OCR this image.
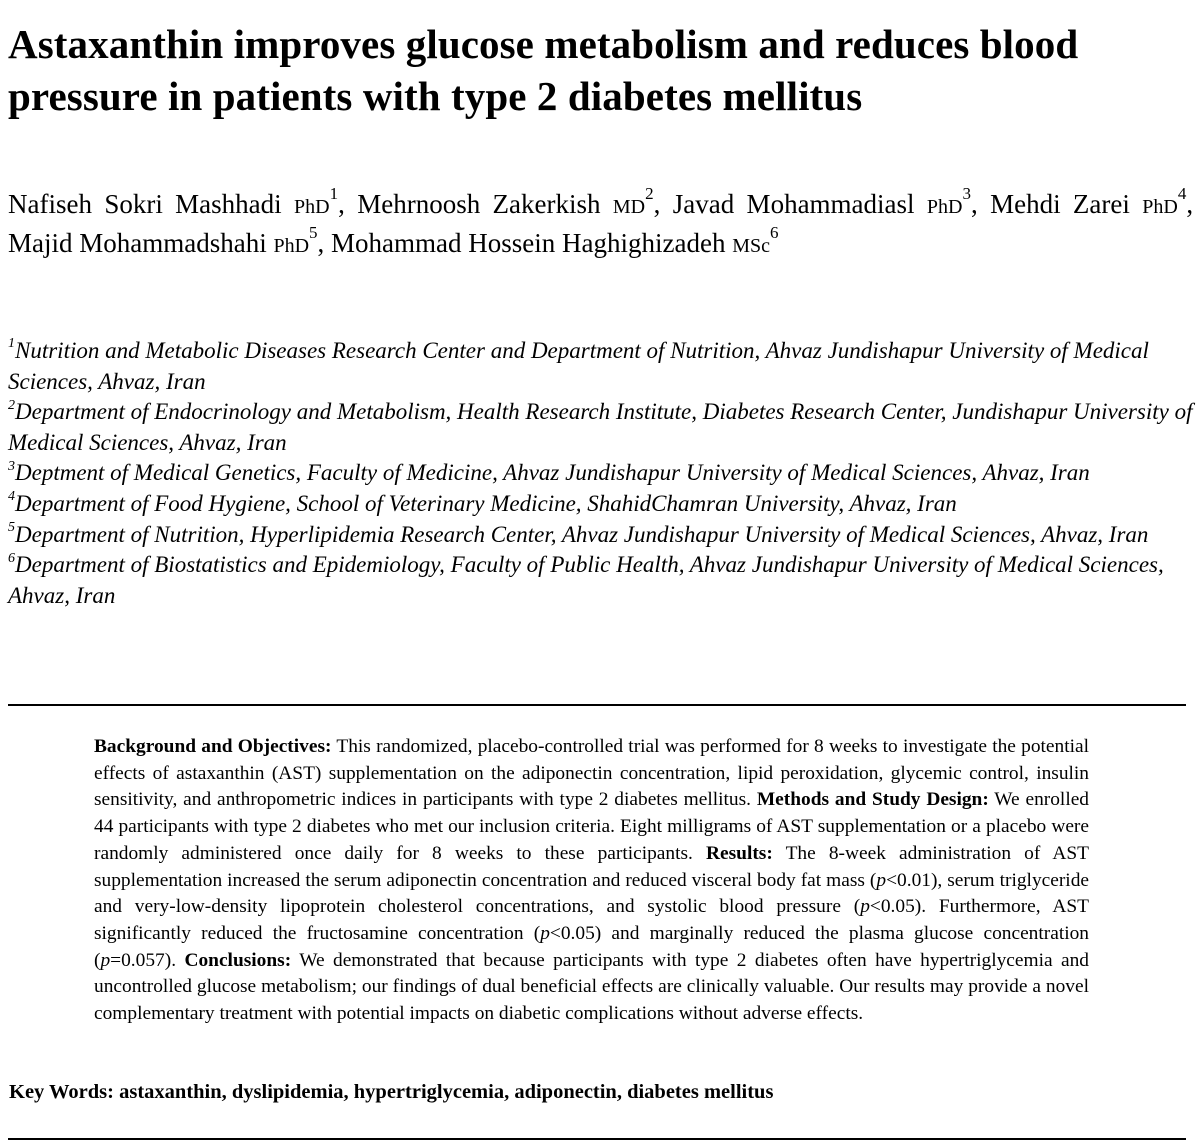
Astaxanthin improves glucose metabolism and reduces blood pressure in patients with type 2 diabetes mellitus

Nafiseh Sokri Mashhadi PhD$^1$, Mehrnoosh Zakerkish $MD^2$, Javad Mohammadiasl PhD$^3$, Mehdi Zarei PhD$^4$, Majid Mohammadshahi PhD$^5$, Mohammad Hossein Haghighizadeh MSc$^6$

$^1$Nutrition and Metabolic Diseases Research Center and Department of Nutrition, Ahvaz Jundishapur University of Medical Sciences, Ahvaz, Iran
$^2$Department of Endocrinology and Metabolism, Health Research Institute, Diabetes Research Center, Jundishapur University of Medical Sciences, Ahvaz, Iran
$^3$Deptment of Medical Genetics, Faculty of Medicine, Ahvaz Jundishapur University of Medical Sciences, Ahvaz, Iran
$^4$Department of Food Hygiene, School of Veterinary Medicine, ShahidChamran University, Ahvaz, Iran
$^5$Department of Nutrition, Hyperlipidemia Research Center, Ahvaz Jundishapur University of Medical Sciences, Ahvaz, Iran
$^6$Department of Biostatistics and Epidemiology, Faculty of Public Health, Ahvaz Jundishapur University of Medical Sciences, Ahvaz, Iran

Background and Objectives: This randomized, placebo-controlled trial was performed for 8 weeks to investigate the potential effects of astaxanthin (AST) supplementation on the adiponectin concentration, lipid peroxidation, glycemic control, insulin sensitivity, and anthropometric indices in participants with type 2 diabetes mellitus. Methods and Study Design: We enrolled 44 participants with type 2 diabetes who met our inclusion criteria. Eight milligrams of AST supplementation or a placebo were randomly administered once daily for 8 weeks to these participants. Results: The 8-week administration of AST supplementation increased the serum adiponectin concentration and reduced visceral body fat mass (p<0.01), serum triglyceride and very-low-density lipoprotein cholesterol concentrations, and systolic blood pressure (p<0.05). Furthermore, AST significantly reduced the fructosamine concentration (p<0.05) and marginally reduced the plasma glucose concentration (p=0.057). Conclusions: We demonstrated that because participants with type 2 diabetes often have hypertriglycemia and uncontrolled glucose metabolism; our findings of dual beneficial effects are clinically valuable. Our results may provide a novel complementary treatment with potential impacts on diabetic complications without adverse effects.

Key Words: astaxanthin, dyslipidemia, hypertriglycemia, adiponectin, diabetes mellitus
